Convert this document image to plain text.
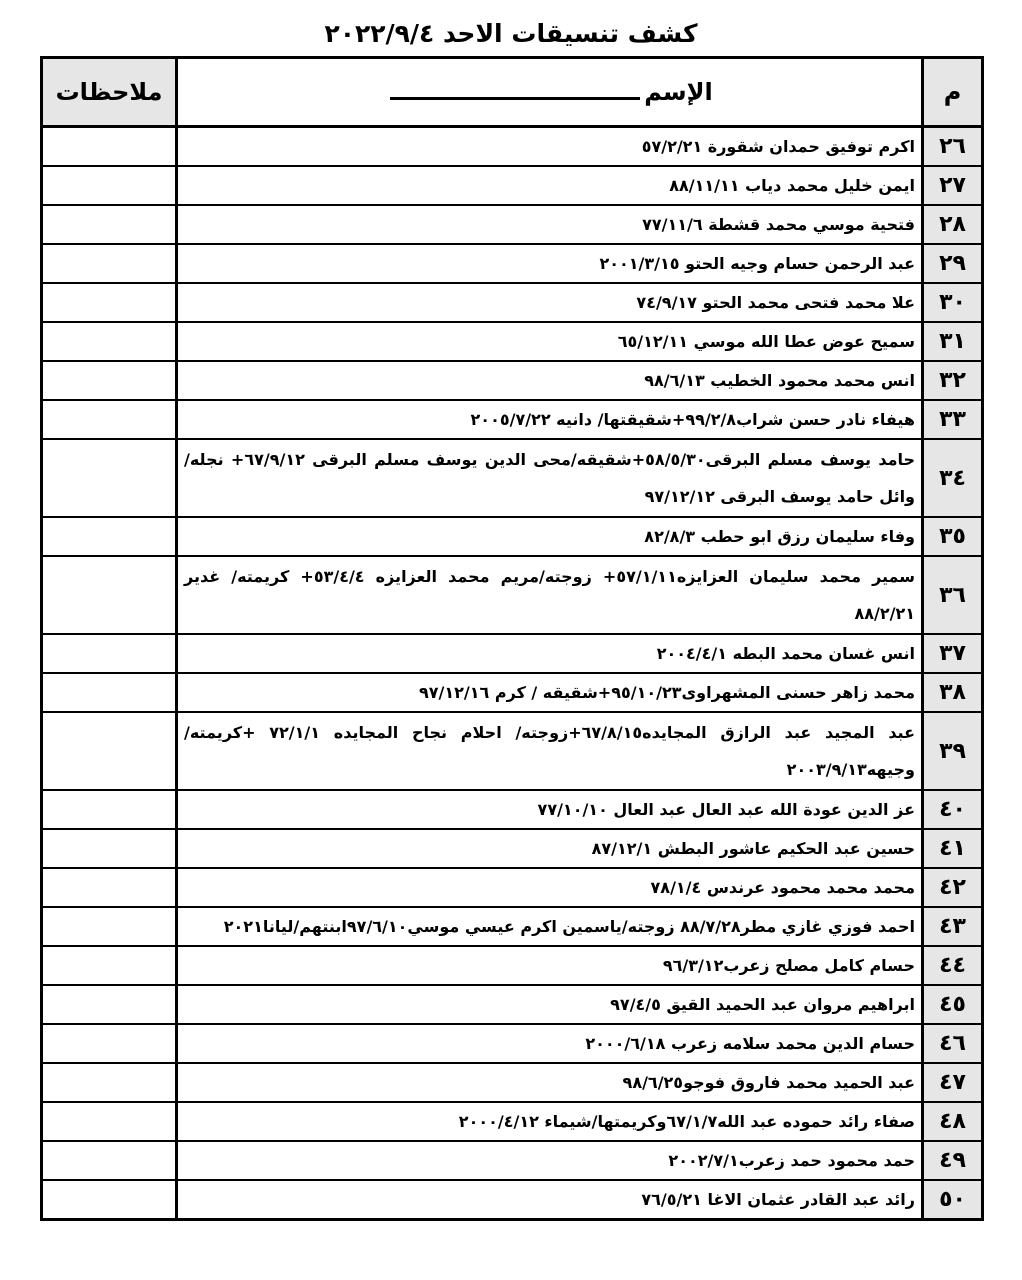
كشف تنسيقات الاحد ٢٠٢٢/٩/٤
م
الإسم
ملاحظات
٢٦
اكرم توفيق حمدان شقورة ٥٧/٢/٢١
٢٧
ايمن خليل محمد دياب ٨٨/١١/١١
٢٨
فتحية موسي محمد قشطة ٧٧/١١/٦
٢٩
عبد الرحمن حسام وجيه الحتو ٢٠٠١/٣/١٥
٣٠
علا محمد فتحى محمد الحتو ٧٤/٩/١٧
٣١
سميح عوض عطا الله موسي ٦٥/١٢/١١
٣٢
انس محمد محمود الخطيب ٩٨/٦/١٣
٣٣
هيفاء نادر حسن شراب٩٩/٢/٨+شقيقتها/ دانيه ٢٠٠٥/٧/٢٢
٣٤
حامد يوسف مسلم البرقى٥٨/٥/٣٠+شقيقه/محى الدين يوسف مسلم البرقى ٦٧/٩/١٢+ نجله/ وائل حامد يوسف البرقى ٩٧/١٢/١٢
٣٥
وفاء سليمان رزق ابو حطب ٨٢/٨/٣
٣٦
سمير محمد سليمان العزايزه٥٧/١/١١+ زوجته/مريم محمد العزايزه ٥٣/٤/٤+ كريمته/ غدير ٨٨/٢/٢١
٣٧
انس غسان محمد البطه ٢٠٠٤/٤/١
٣٨
محمد زاهر حسنى المشهراوى٩٥/١٠/٢٣+شقيقه / كرم ٩٧/١٢/١٦
٣٩
عبد المجيد عبد الرازق المجايده٦٧/٨/١٥+زوجته/ احلام نجاح المجايده ٧٢/١/١ +كريمته/ وجيهه٢٠٠٣/٩/١٣
٤٠
عز الدين عودة الله عبد العال عبد العال ٧٧/١٠/١٠
٤١
حسين عبد الحكيم عاشور البطش ٨٧/١٢/١
٤٢
محمد محمد محمود عرندس ٧٨/١/٤
٤٣
احمد فوزي غازي مطر٨٨/٧/٢٨ زوجته/ياسمين اكرم عيسي موسي٩٧/٦/١٠ابنتهم/ليانا٢٠٢١
٤٤
حسام كامل مصلح زعرب٩٦/٣/١٢
٤٥
ابراهيم مروان عبد الحميد القيق ٩٧/٤/٥
٤٦
حسام الدين محمد سلامه زعرب ٢٠٠٠/٦/١٨
٤٧
عبد الحميد محمد فاروق فوجو٩٨/٦/٢٥
٤٨
صفاء رائد حموده عبد الله٦٧/١/٧وكريمتها/شيماء ٢٠٠٠/٤/١٢
٤٩
حمد محمود حمد زعرب٢٠٠٢/٧/١
٥٠
رائد عبد القادر عثمان الاغا ٧٦/٥/٢١
